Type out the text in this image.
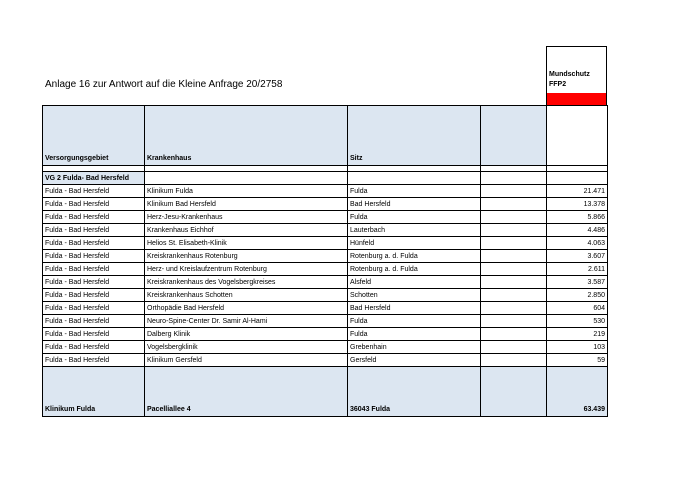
Anlage 16 zur Antwort auf die Kleine Anfrage 20/2758
Mundschutz FFP2
Versorgungsgebiet	Krankenhaus	Sitz		

VG 2 Fulda- Bad Hersfeld				
Fulda - Bad Hersfeld	Klinikum Fulda	Fulda		21.471
Fulda - Bad Hersfeld	Klinikum Bad Hersfeld	Bad Hersfeld		13.378
Fulda - Bad Hersfeld	Herz-Jesu-Krankenhaus	Fulda		5.866
Fulda - Bad Hersfeld	Krankenhaus Eichhof	Lauterbach		4.486
Fulda - Bad Hersfeld	Helios St. Elisabeth-Klinik	Hünfeld		4.063
Fulda - Bad Hersfeld	Kreiskrankenhaus Rotenburg	Rotenburg a. d. Fulda		3.607
Fulda - Bad Hersfeld	Herz- und Kreislaufzentrum Rotenburg	Rotenburg a. d. Fulda		2.611
Fulda - Bad Hersfeld	Kreiskrankenhaus des Vogelsbergkreises	Alsfeld		3.587
Fulda - Bad Hersfeld	Kreiskrankenhaus Schotten	Schotten		2.850
Fulda - Bad Hersfeld	Orthopädie Bad Hersfeld	Bad Hersfeld		604
Fulda - Bad Hersfeld	Neuro-Spine-Center Dr. Samir Al-Hami	Fulda		530
Fulda - Bad Hersfeld	Dalberg Klinik	Fulda		219
Fulda - Bad Hersfeld	Vogelsbergklinik	Grebenhain		103
Fulda - Bad Hersfeld	Klinikum Gersfeld	Gersfeld		59
Klinikum Fulda	Pacelliallee 4	36043 Fulda		63.439
